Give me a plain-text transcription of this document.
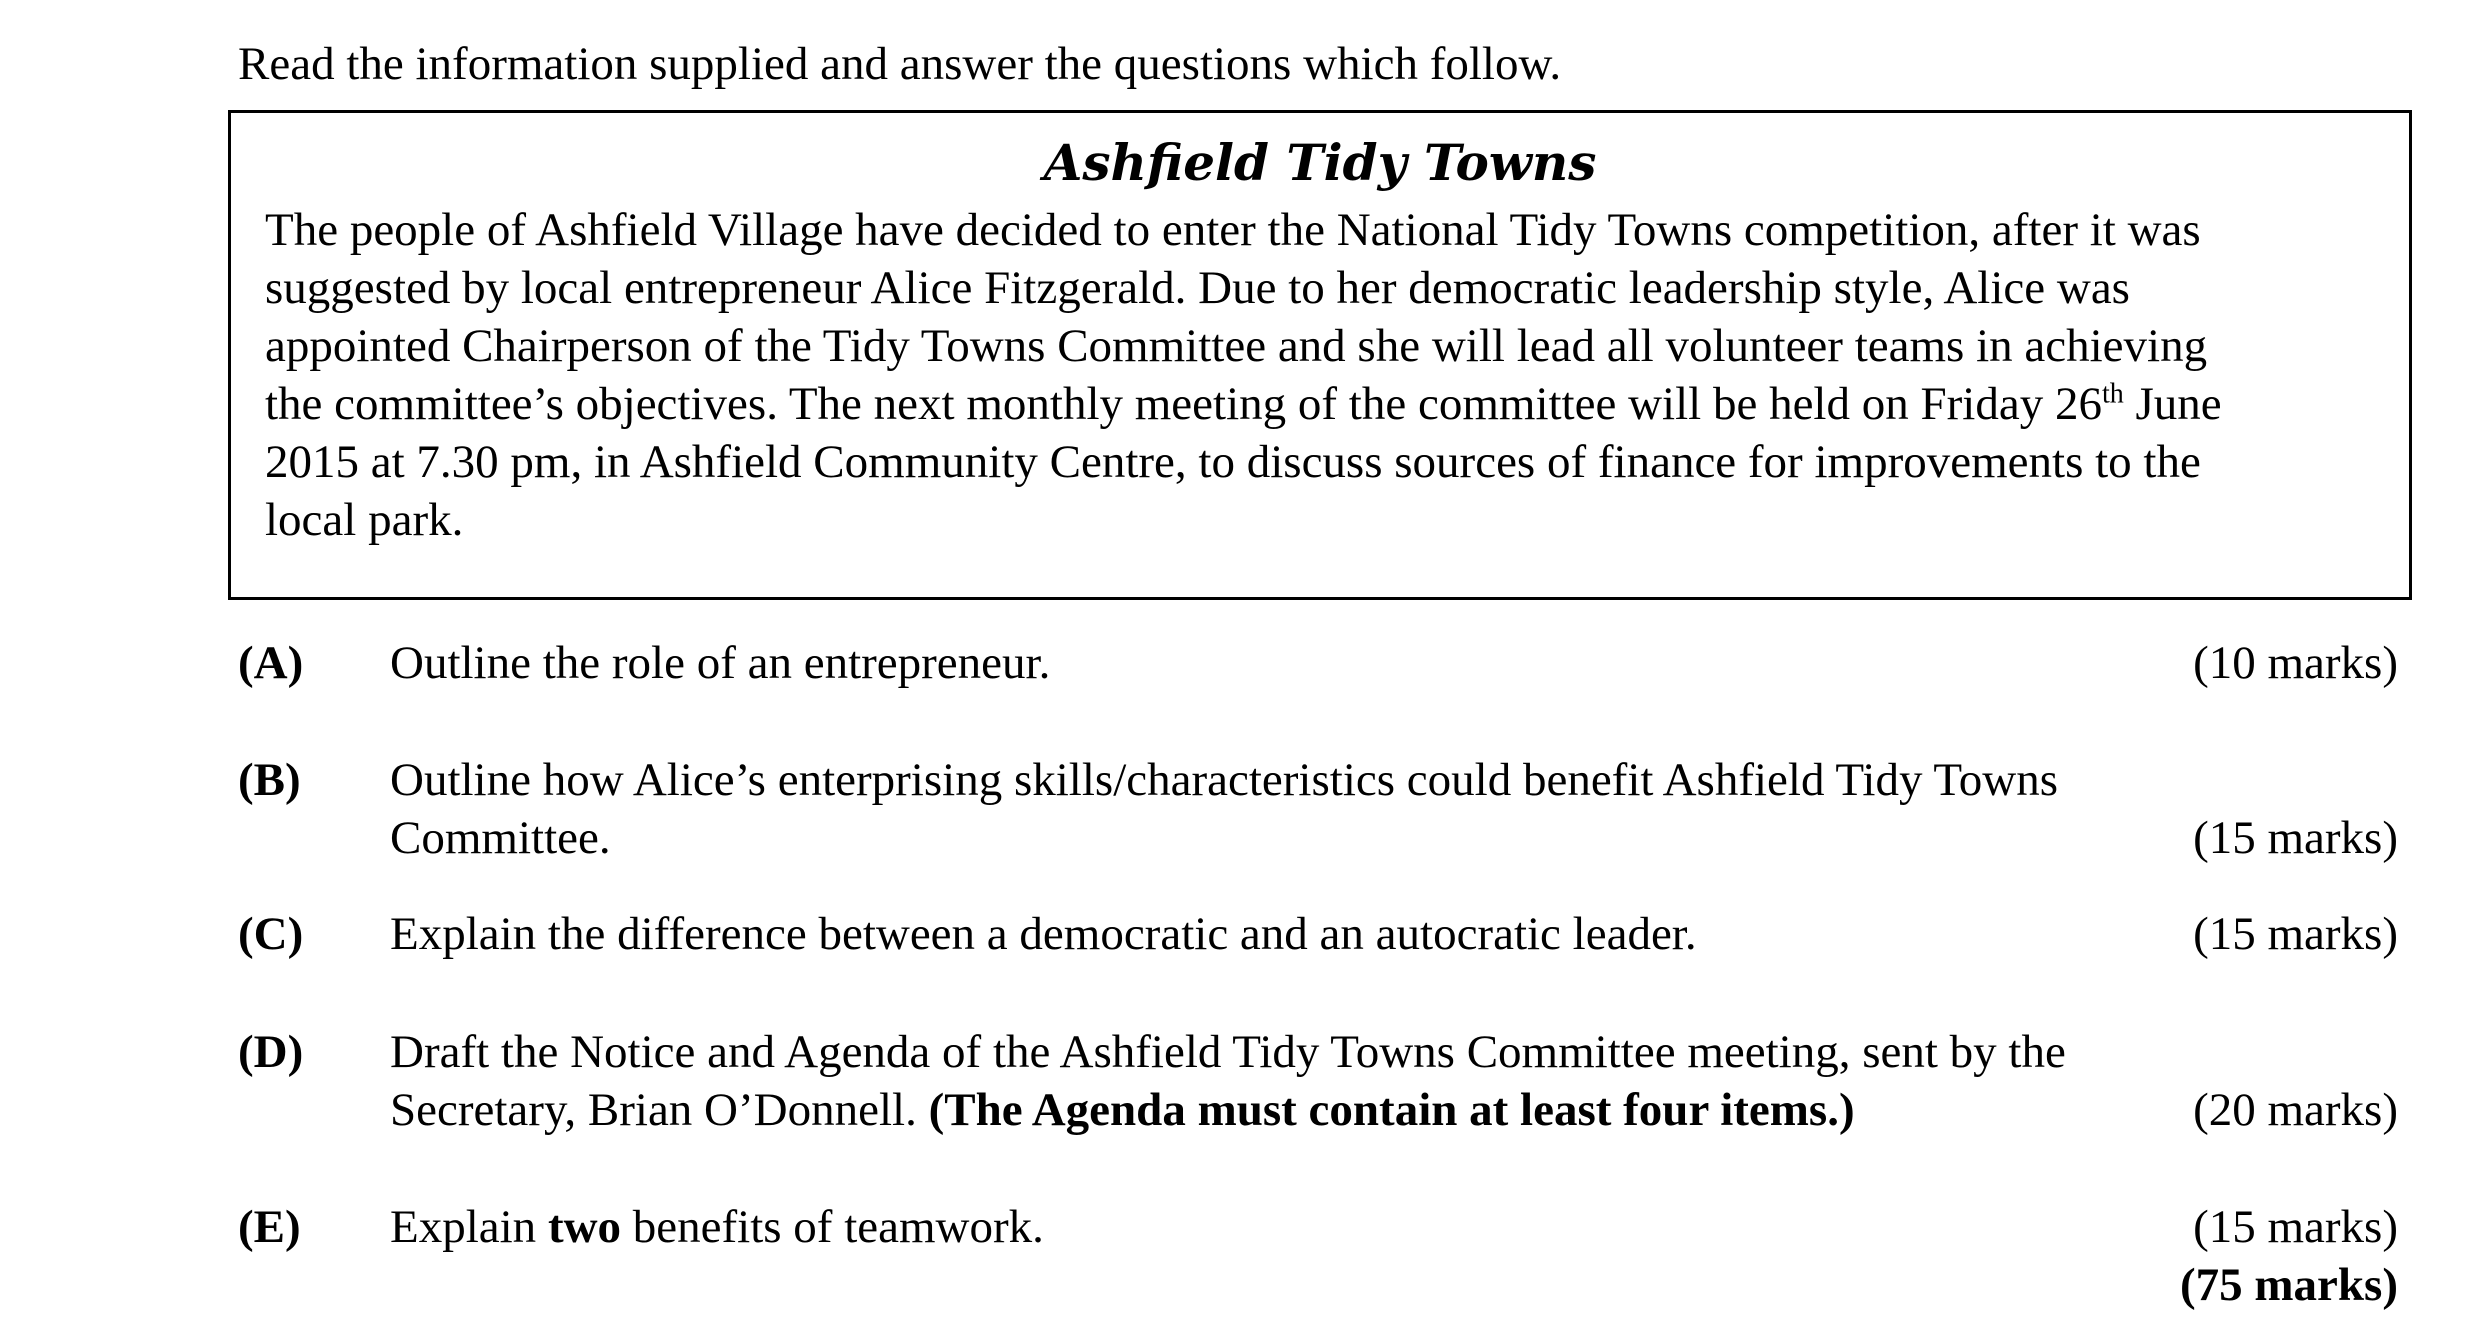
Read the information supplied and answer the questions which follow.
Ashfield Tidy Towns
The people of Ashfield Village have decided to enter the National Tidy Towns competition, after it was
suggested by local entrepreneur Alice Fitzgerald. Due to her democratic leadership style, Alice was
appointed Chairperson of the Tidy Towns Committee and she will lead all volunteer teams in achieving
the committee’s objectives. The next monthly meeting of the committee will be held on Friday 26th June
2015 at 7.30 pm, in Ashfield Community Centre, to discuss sources of finance for improvements to the
local park.
(A) Outline the role of an entrepreneur.	(10 marks)
(B) Outline how Alice’s enterprising skills/characteristics could benefit Ashfield Tidy Towns
Committee.	(15 marks)
(C) Explain the difference between a democratic and an autocratic leader.	(15 marks)
(D) Draft the Notice and Agenda of the Ashfield Tidy Towns Committee meeting, sent by the
Secretary, Brian O’Donnell. (The Agenda must contain at least four items.)	(20 marks)
(E) Explain two benefits of teamwork.	(15 marks)
(75 marks)
